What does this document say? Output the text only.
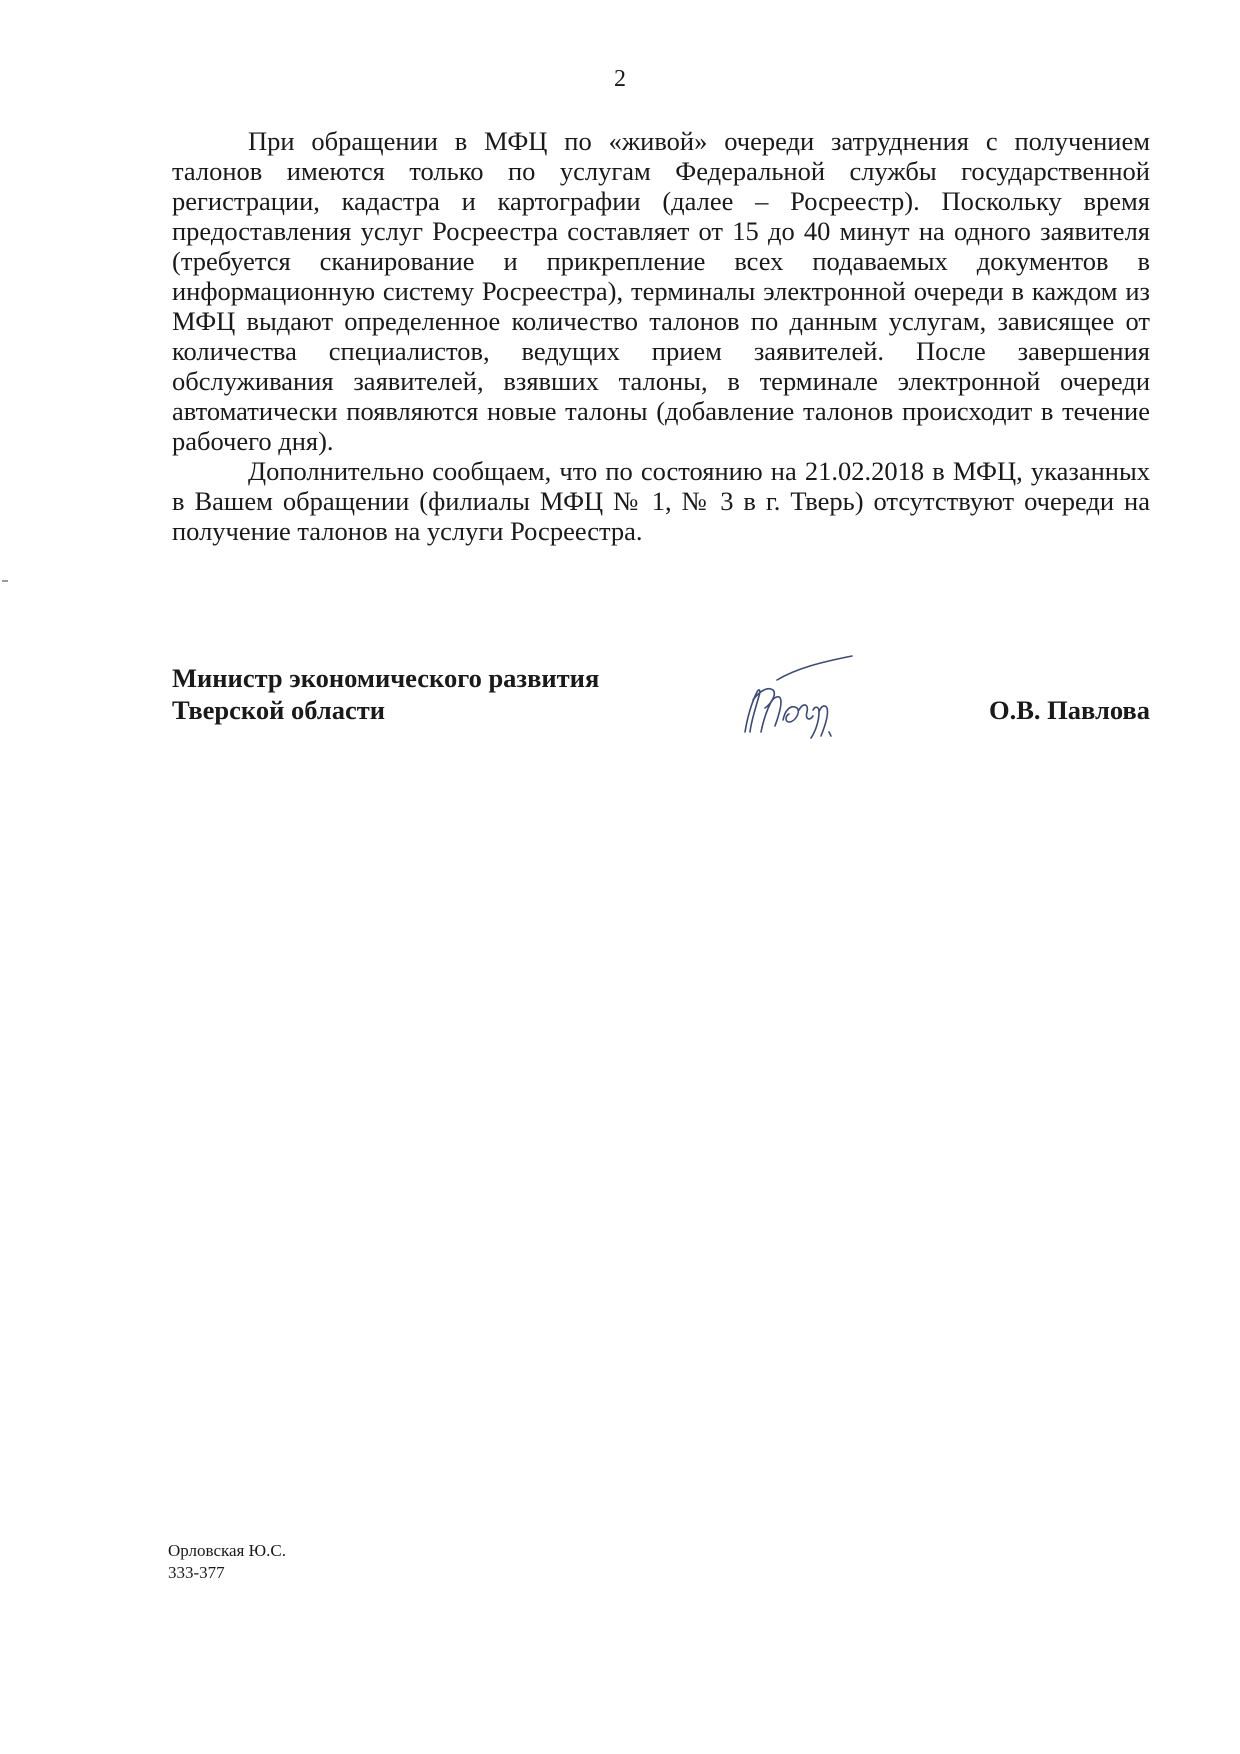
2

При обращении в МФЦ по «живой» очереди затруднения с получением талонов имеются только по услугам Федеральной службы государственной регистрации, кадастра и картографии (далее – Росреестр). Поскольку время предоставления услуг Росреестра составляет от 15 до 40 минут на одного заявителя (требуется сканирование и прикрепление всех подаваемых документов в информационную систему Росреестра), терминалы электронной очереди в каждом из МФЦ выдают определенное количество талонов по данным услугам, зависящее от количества специалистов, ведущих прием заявителей. После завершения обслуживания заявителей, взявших талоны, в терминале электронной очереди автоматически появляются новые талоны (добавление талонов происходит в течение рабочего дня).

Дополнительно сообщаем, что по состоянию на 21.02.2018 в МФЦ, указанных в Вашем обращении (филиалы МФЦ № 1, № 3 в г. Тверь) отсутствуют очереди на получение талонов на услуги Росреестра.

Министр экономического развития
Тверской области	О.В. Павлова
Орловская Ю.С.
333-377
